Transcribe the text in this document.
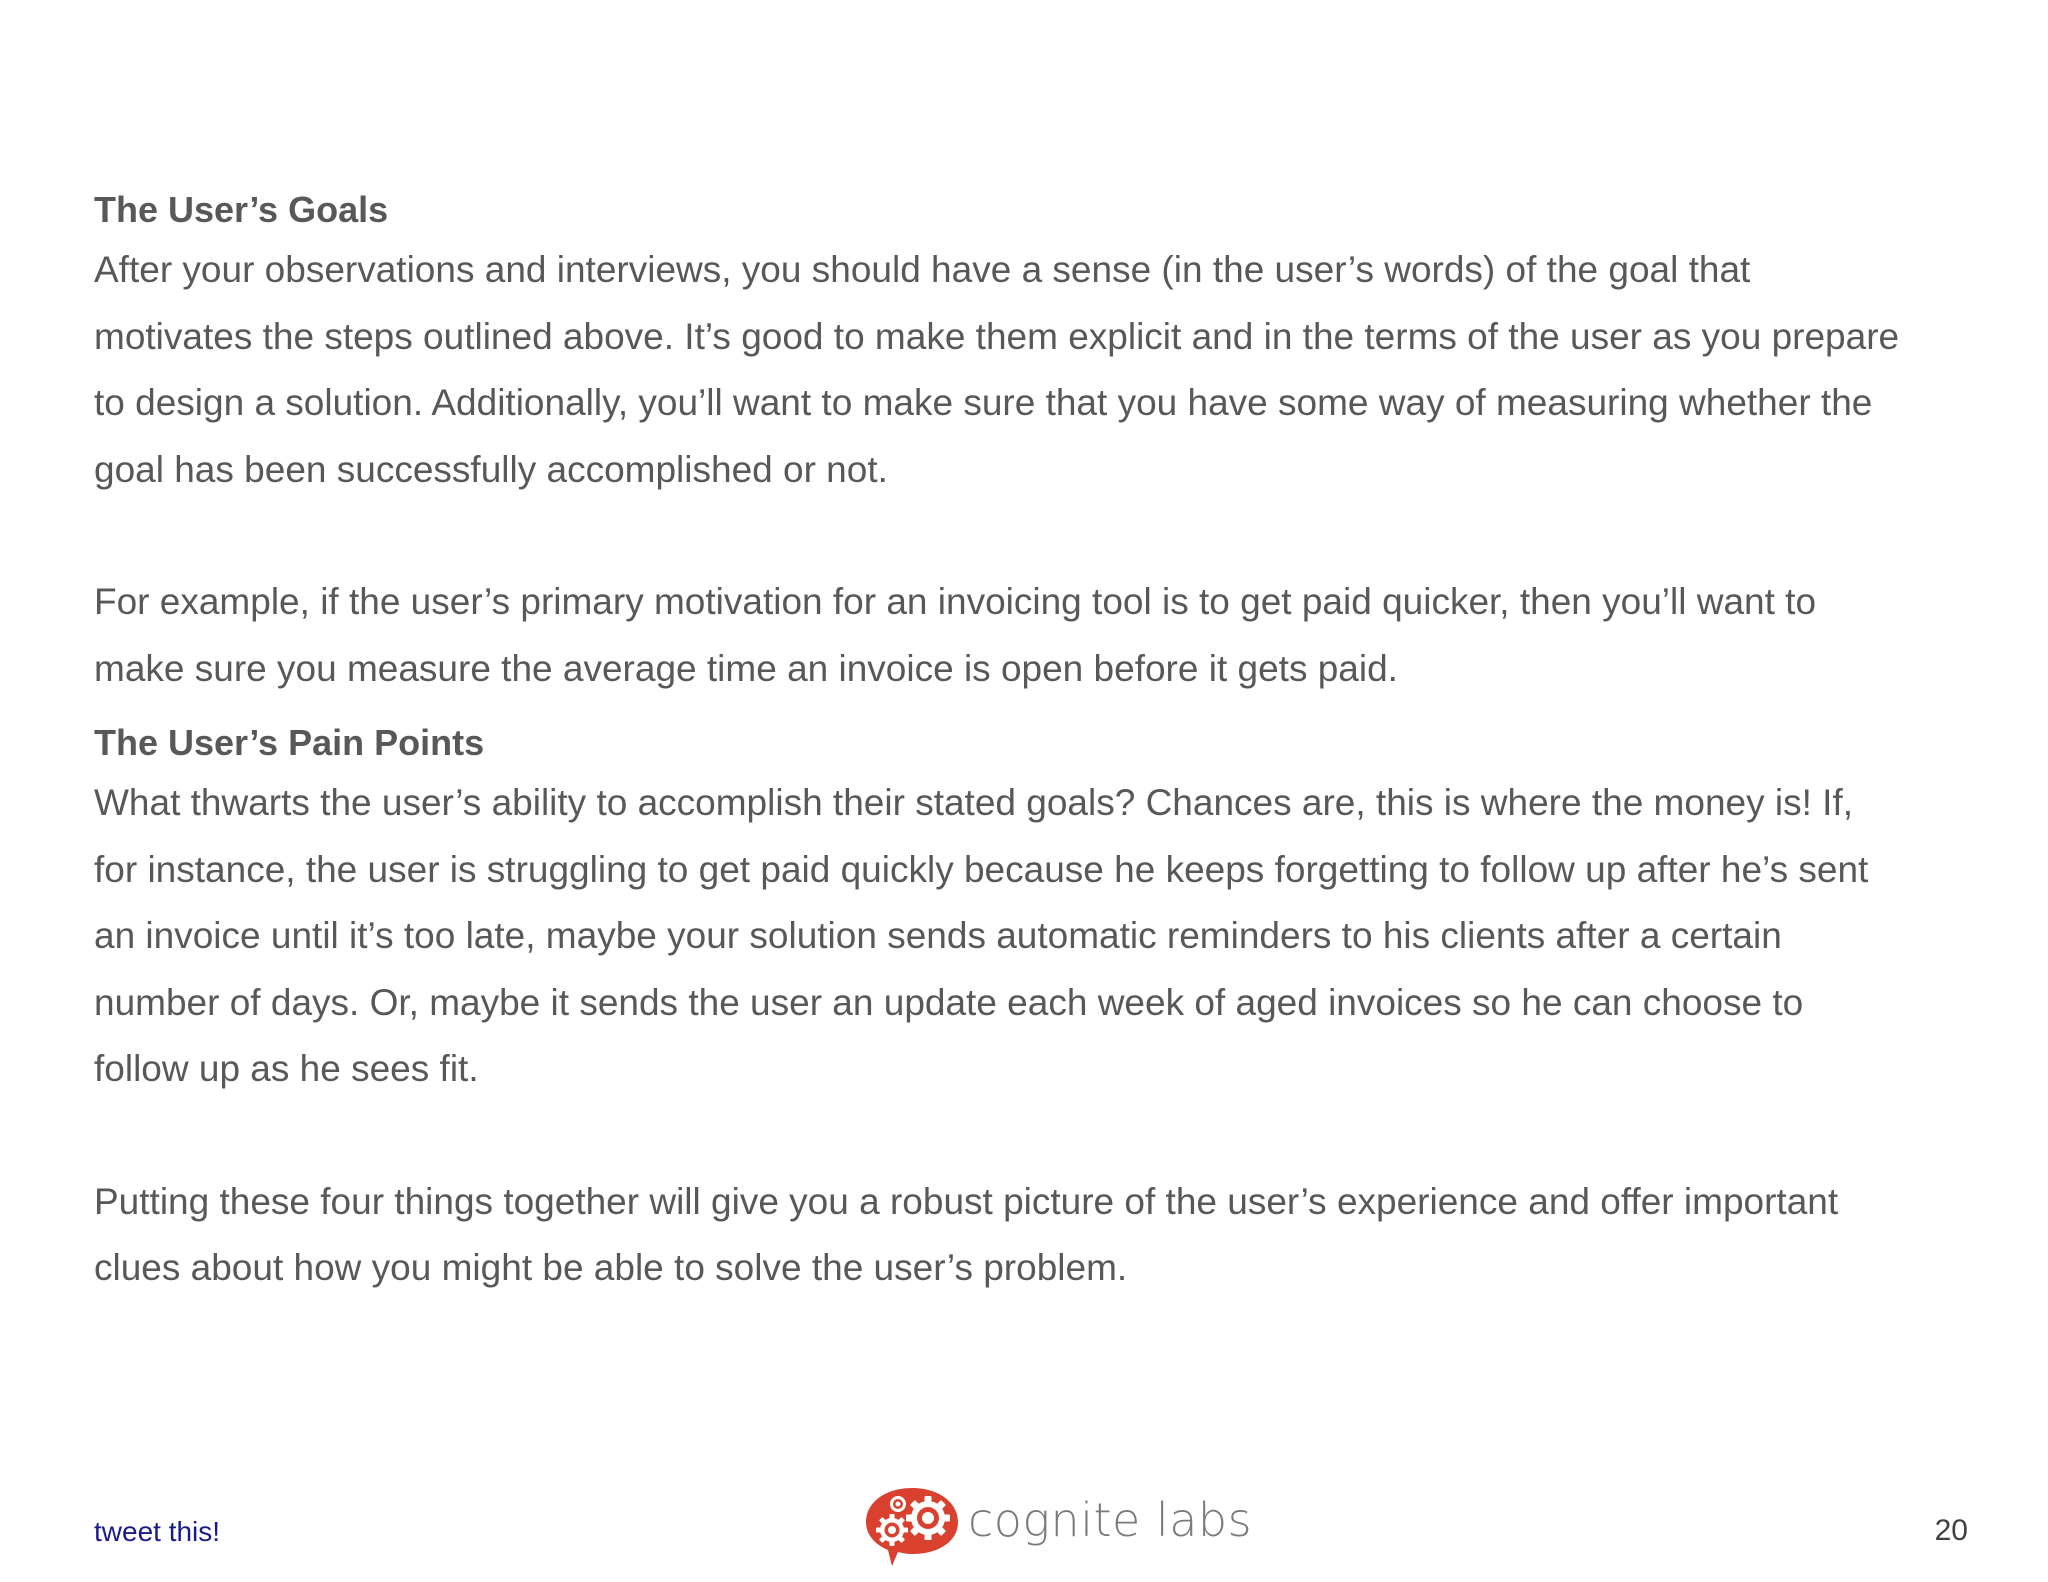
The User’s Goals

After your observations and interviews, you should have a sense (in the user’s words) of the goal that
motivates the steps outlined above. It’s good to make them explicit and in the terms of the user as you prepare
to design a solution. Additionally, you’ll want to make sure that you have some way of measuring whether the
goal has been successfully accomplished or not.

For example, if the user’s primary motivation for an invoicing tool is to get paid quicker, then you’ll want to
make sure you measure the average time an invoice is open before it gets paid.

The User’s Pain Points

What thwarts the user’s ability to accomplish their stated goals? Chances are, this is where the money is! If,
for instance, the user is struggling to get paid quickly because he keeps forgetting to follow up after he’s sent
an invoice until it’s too late, maybe your solution sends automatic reminders to his clients after a certain
number of days. Or, maybe it sends the user an update each week of aged invoices so he can choose to
follow up as he sees fit.

Putting these four things together will give you a robust picture of the user’s experience and offer important
clues about how you might be able to solve the user’s problem.

tweet this!	cognite labs	20
